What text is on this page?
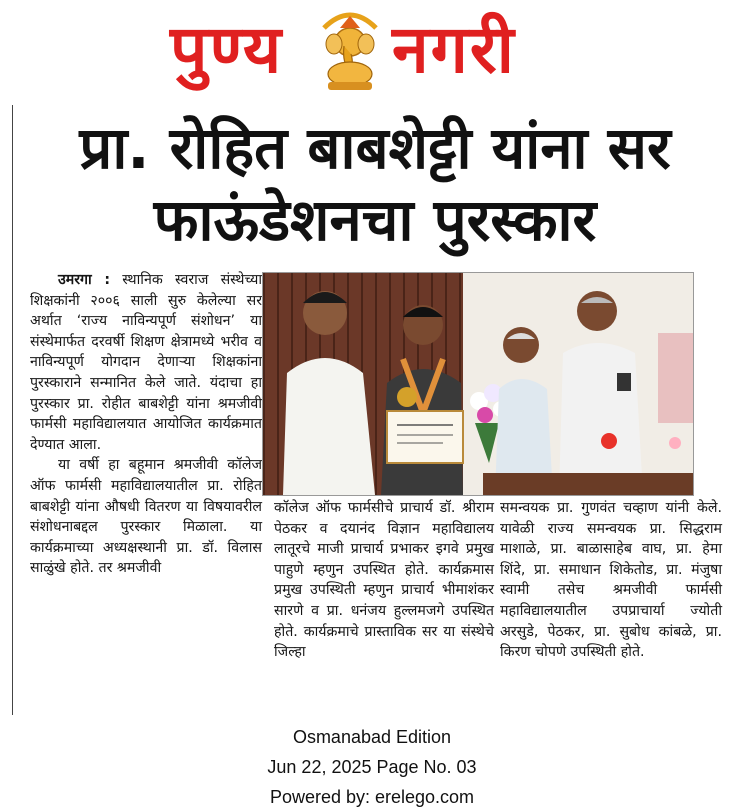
पुण्य नगरी
प्रा. रोहित बाबशेट्टी यांना सर
फाऊंडेशनचा पुरस्कार

उमरगा : स्थानिक स्वराज संस्थेच्या शिक्षकांनी २००६ साली सुरु केलेल्या सर अर्थात ‘राज्य नाविन्यपूर्ण संशोधन’ या संस्थेमार्फत दरवर्षी शिक्षण क्षेत्रामध्ये भरीव व नाविन्यपूर्ण योगदान देणाऱ्या शिक्षकांना पुरस्काराने सन्मानित केले जाते. यंदाचा हा पुरस्कार प्रा. रोहीत बाबशेट्टी यांना श्रमजीवी फार्मसी महाविद्यालयात आयोजित कार्यक्रमात देण्यात आला.

या वर्षी हा बहूमान श्रमजीवी कॉलेज ऑफ फार्मसी महाविद्यालयातील प्रा. रोहित बाबशेट्टी यांना औषधी वितरण या विषयावरील संशोधनाबद्दल पुरस्कार मिळाला. या कार्यक्रमाच्या अध्यक्षस्थानी प्रा. डॉ. विलास साळुंखे होते. तर श्रमजीवी

कॉलेज ऑफ फार्मसीचे प्राचार्य डॉ. श्रीराम पेठकर व दयानंद विज्ञान महाविद्यालय लातूरचे माजी प्राचार्य प्रभाकर इगवे प्रमुख पाहुणे म्हणुन उपस्थित होते. कार्यक्रमास प्रमुख उपस्थिती म्हणुन प्राचार्य भीमाशंकर सारणे व प्रा. धनंजय हुल्लमजगे उपस्थित होते. कार्यक्रमाचे प्रास्ताविक सर या संस्थेचे जिल्हा

समन्वयक प्रा. गुणवंत चव्हाण यांनी केले. यावेळी राज्य समन्वयक प्रा. सिद्धराम माशाळे, प्रा. बाळासाहेब वाघ, प्रा. हेमा शिंदे, प्रा. समाधान शिकेतोड, प्रा. मंजुषा स्वामी तसेच श्रमजीवी फार्मसी महाविद्यालयातील उपप्राचार्या ज्योती अरसुडे, पेठकर, प्रा. सुबोध कांबळे, प्रा. किरण चोपणे उपस्थिती होते.

Osmanabad Edition
Jun 22, 2025 Page No. 03
Powered by: erelego.com
